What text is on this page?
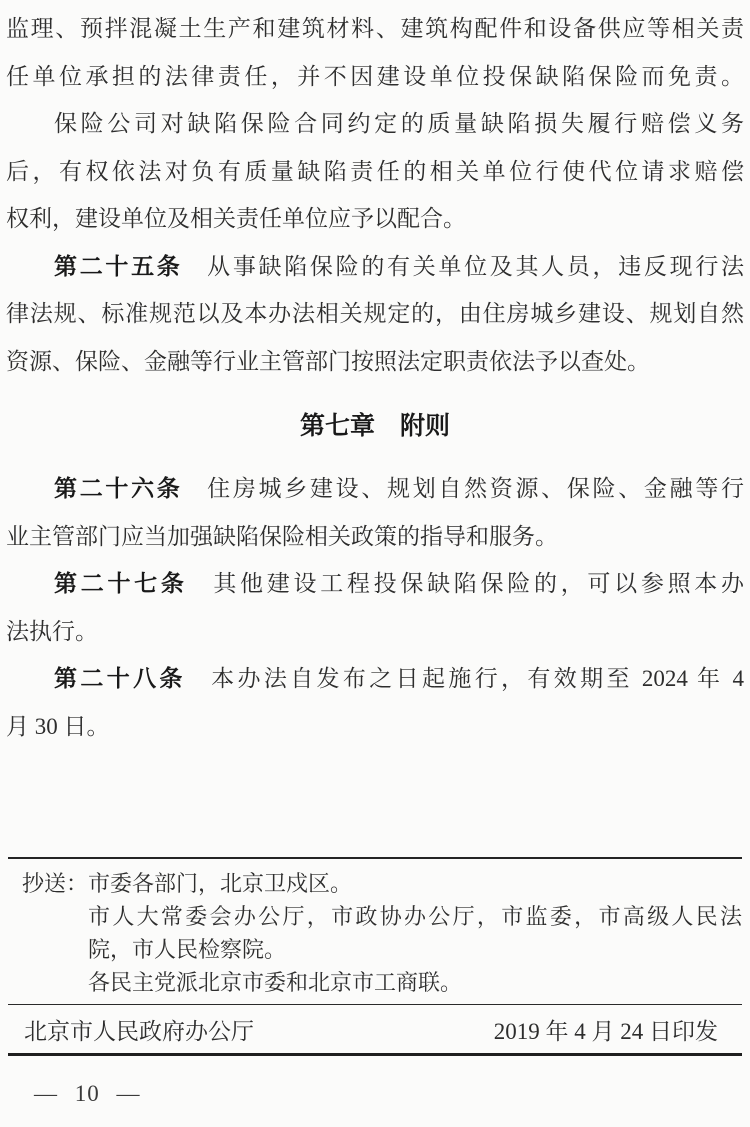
监理、预拌混凝土生产和建筑材料、建筑构配件和设备供应等相关责

任单位承担的法律责任，并不因建设单位投保缺陷保险而免责。

保险公司对缺陷保险合同约定的质量缺陷损失履行赔偿义务

后，有权依法对负有质量缺陷责任的相关单位行使代位请求赔偿

权利，建设单位及相关责任单位应予以配合。

第二十五条 从事缺陷保险的有关单位及其人员，违反现行法

律法规、标准规范以及本办法相关规定的，由住房城乡建设、规划自然

资源、保险、金融等行业主管部门按照法定职责依法予以查处。

第七章　附则

第二十六条 住房城乡建设、规划自然资源、保险、金融等行

业主管部门应当加强缺陷保险相关政策的指导和服务。

第二十七条 其他建设工程投保缺陷保险的，可以参照本办

法执行。

第二十八条 本办法自发布之日起施行，有效期至 2024 年 4

月 30 日。

抄送： 市委各部门，北京卫戍区。

市人大常委会办公厅，市政协办公厅，市监委，市高级人民法

院，市人民检察院。

各民主党派北京市委和北京市工商联。

北京市人民政府办公厅	2019 年 4 月 24 日印发
— 10 —
